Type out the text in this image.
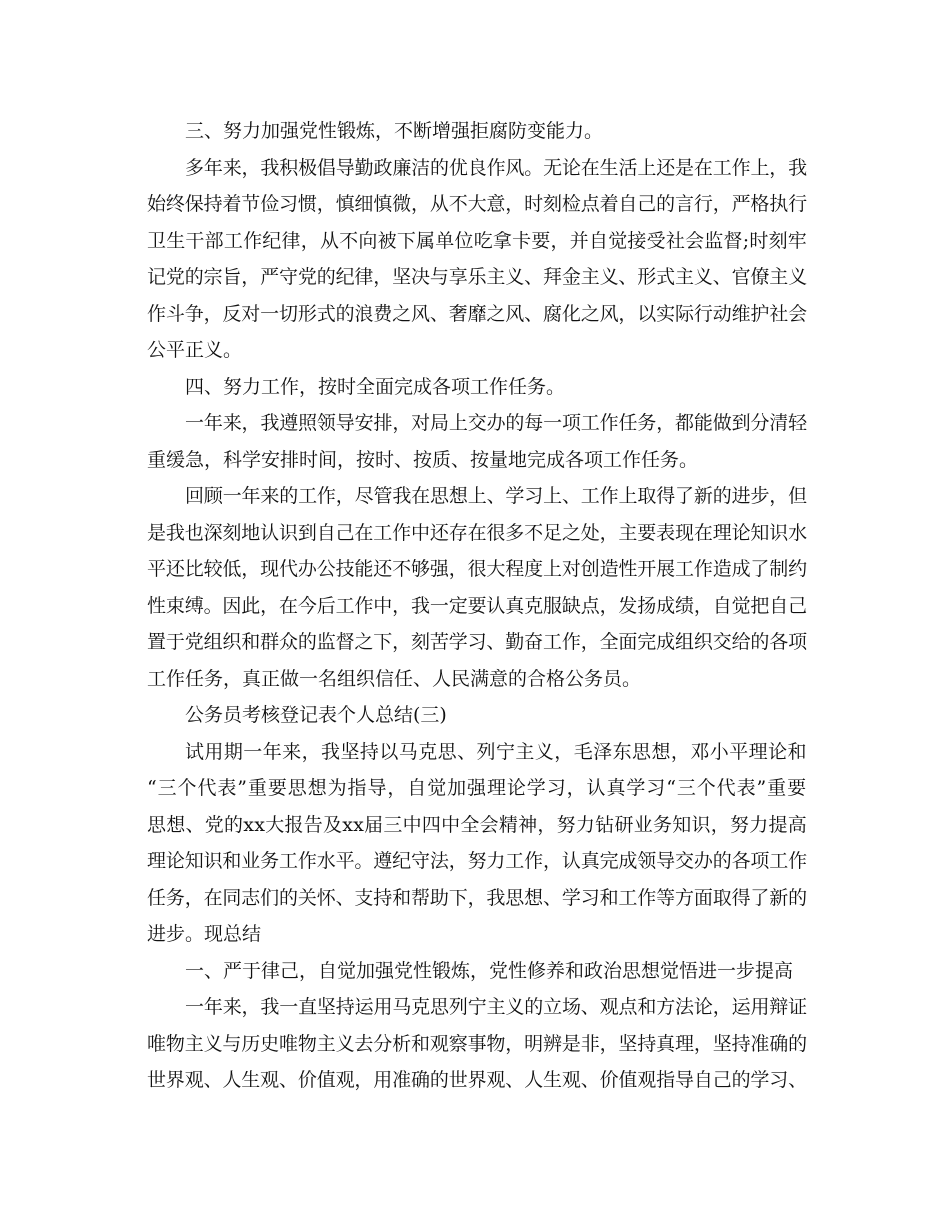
三、努力加强党性锻炼，不断增强拒腐防变能力。
多年来，我积极倡导勤政廉洁的优良作风。无论在生活上还是在工作上，我
始终保持着节俭习惯，慎细慎微，从不大意，时刻检点着自己的言行，严格执行
卫生干部工作纪律，从不向被下属单位吃拿卡要，并自觉接受社会监督;时刻牢
记党的宗旨，严守党的纪律，坚决与享乐主义、拜金主义、形式主义、官僚主义
作斗争，反对一切形式的浪费之风、奢靡之风、腐化之风，以实际行动维护社会
公平正义。
四、努力工作，按时全面完成各项工作任务。
一年来，我遵照领导安排，对局上交办的每一项工作任务，都能做到分清轻
重缓急，科学安排时间，按时、按质、按量地完成各项工作任务。
回顾一年来的工作，尽管我在思想上、学习上、工作上取得了新的进步，但
是我也深刻地认识到自己在工作中还存在很多不足之处，主要表现在理论知识水
平还比较低，现代办公技能还不够强，很大程度上对创造性开展工作造成了制约
性束缚。因此，在今后工作中，我一定要认真克服缺点，发扬成绩，自觉把自己
置于党组织和群众的监督之下，刻苦学习、勤奋工作，全面完成组织交给的各项
工作任务，真正做一名组织信任、人民满意的合格公务员。
公务员考核登记表个人总结(三)
试用期一年来，我坚持以马克思、列宁主义，毛泽东思想，邓小平理论和
“三个代表”重要思想为指导，自觉加强理论学习，认真学习“三个代表”重要
思想、党的xx大报告及xx届三中四中全会精神，努力钻研业务知识，努力提高
理论知识和业务工作水平。遵纪守法，努力工作，认真完成领导交办的各项工作
任务，在同志们的关怀、支持和帮助下，我思想、学习和工作等方面取得了新的
进步。现总结
一、严于律己，自觉加强党性锻炼，党性修养和政治思想觉悟进一步提高
一年来，我一直坚持运用马克思列宁主义的立场、观点和方法论，运用辩证
唯物主义与历史唯物主义去分析和观察事物，明辨是非，坚持真理，坚持准确的
世界观、人生观、价值观，用准确的世界观、人生观、价值观指导自己的学习、
